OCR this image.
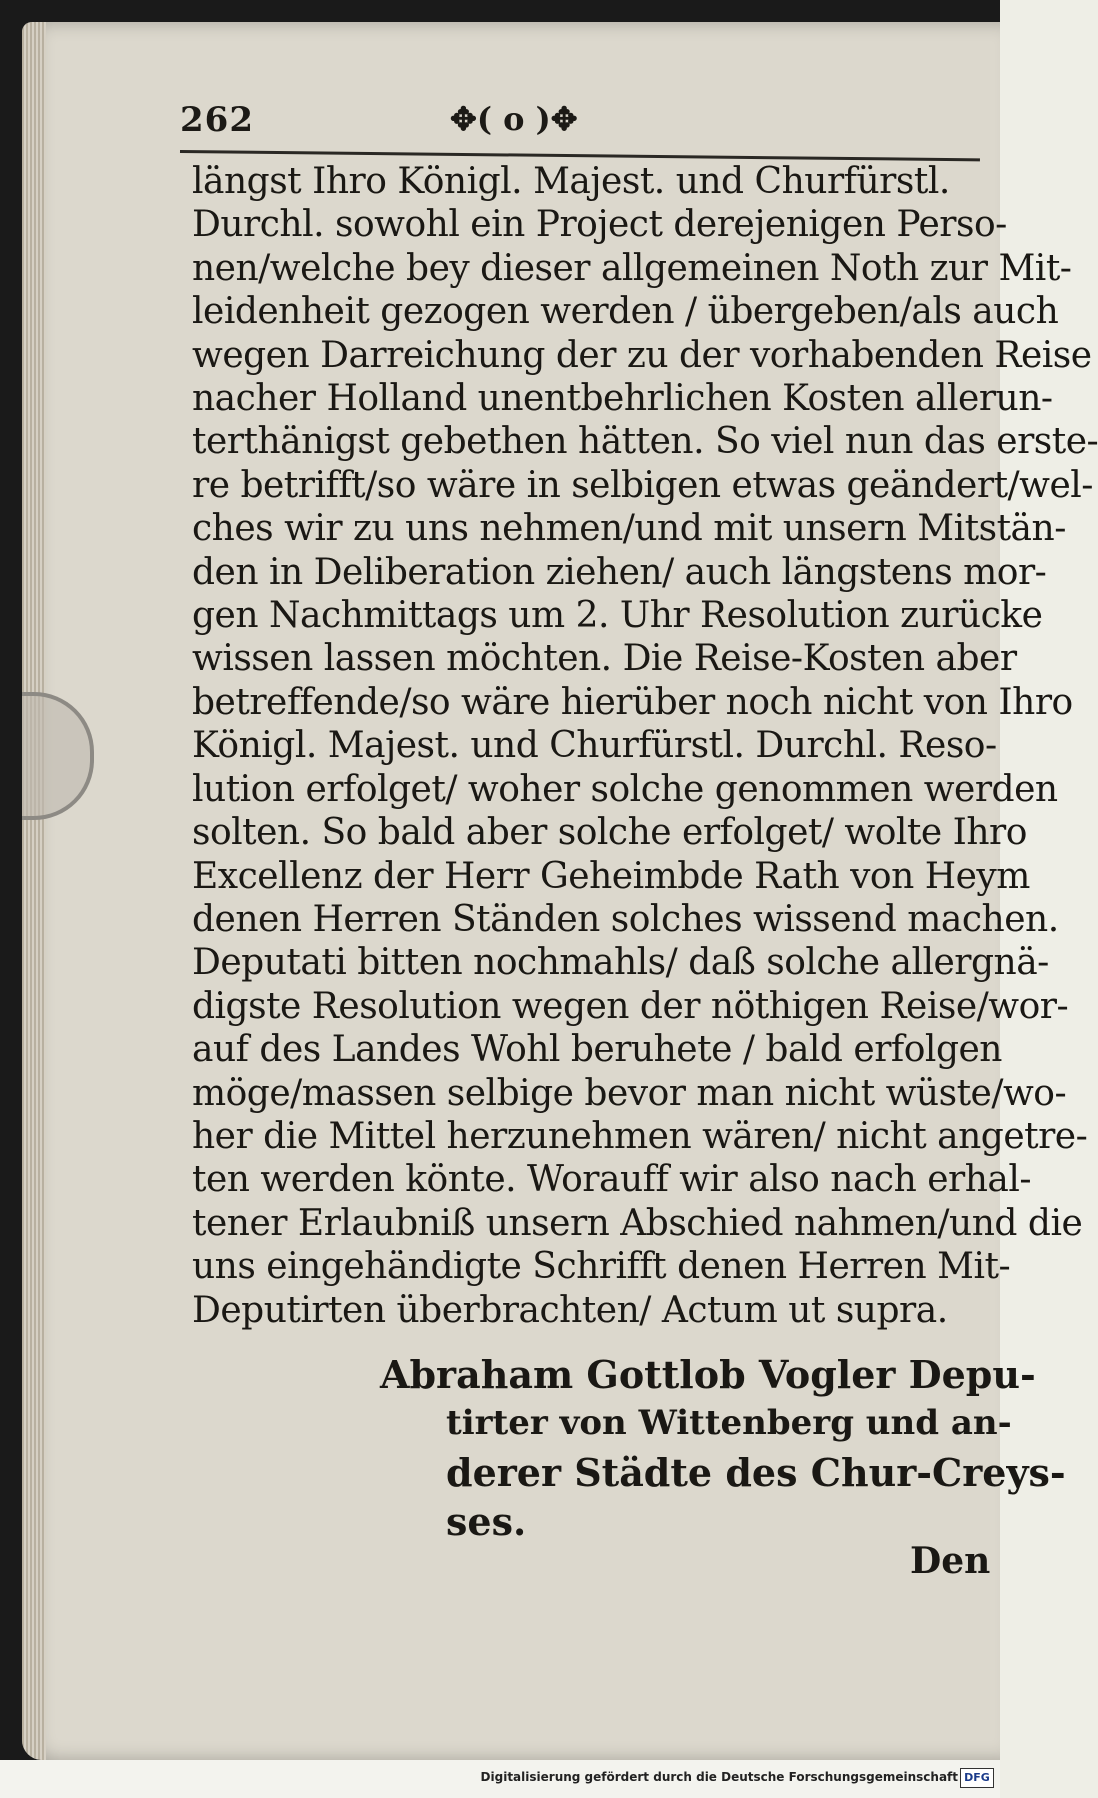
262	✥( o )✥
längst Ihro Königl. Majest. und Churfürstl.
Durchl. sowohl ein Project derejenigen Perso-
nen/welche bey dieser allgemeinen Noth zur Mit-
leidenheit gezogen werden / übergeben/als auch
wegen Darreichung der zu der vorhabenden Reise
nacher Holland unentbehrlichen Kosten allerun-
terthänigst gebethen hätten. So viel nun das erste-
re betrifft/so wäre in selbigen etwas geändert/wel-
ches wir zu uns nehmen/und mit unsern Mitstän-
den in Deliberation ziehen/ auch längstens mor-
gen Nachmittags um 2. Uhr Resolution zurücke
wissen lassen möchten. Die Reise-Kosten aber
betreffende/so wäre hierüber noch nicht von Ihro
Königl. Majest. und Churfürstl. Durchl. Reso-
lution erfolget/ woher solche genommen werden
solten. So bald aber solche erfolget/ wolte Ihro
Excellenz der Herr Geheimbde Rath von Heym
denen Herren Ständen solches wissend machen.
Deputati bitten nochmahls/ daß solche allergnä-
digste Resolution wegen der nöthigen Reise/wor-
auf des Landes Wohl beruhete / bald erfolgen
möge/massen selbige bevor man nicht wüste/wo-
her die Mittel herzunehmen wären/ nicht angetre-
ten werden könte. Worauff wir also nach erhal-
tener Erlaubniß unsern Abschied nahmen/und die
uns eingehändigte Schrifft denen Herren Mit-
Deputirten überbrachten/ Actum ut supra.
Abraham Gottlob Vogler Depu-
tirter von Wittenberg und an-
derer Städte des Chur-Creys-
ses.
Den
Digitalisierung gefördert durch die Deutsche Forschungsgemeinschaft DFG
